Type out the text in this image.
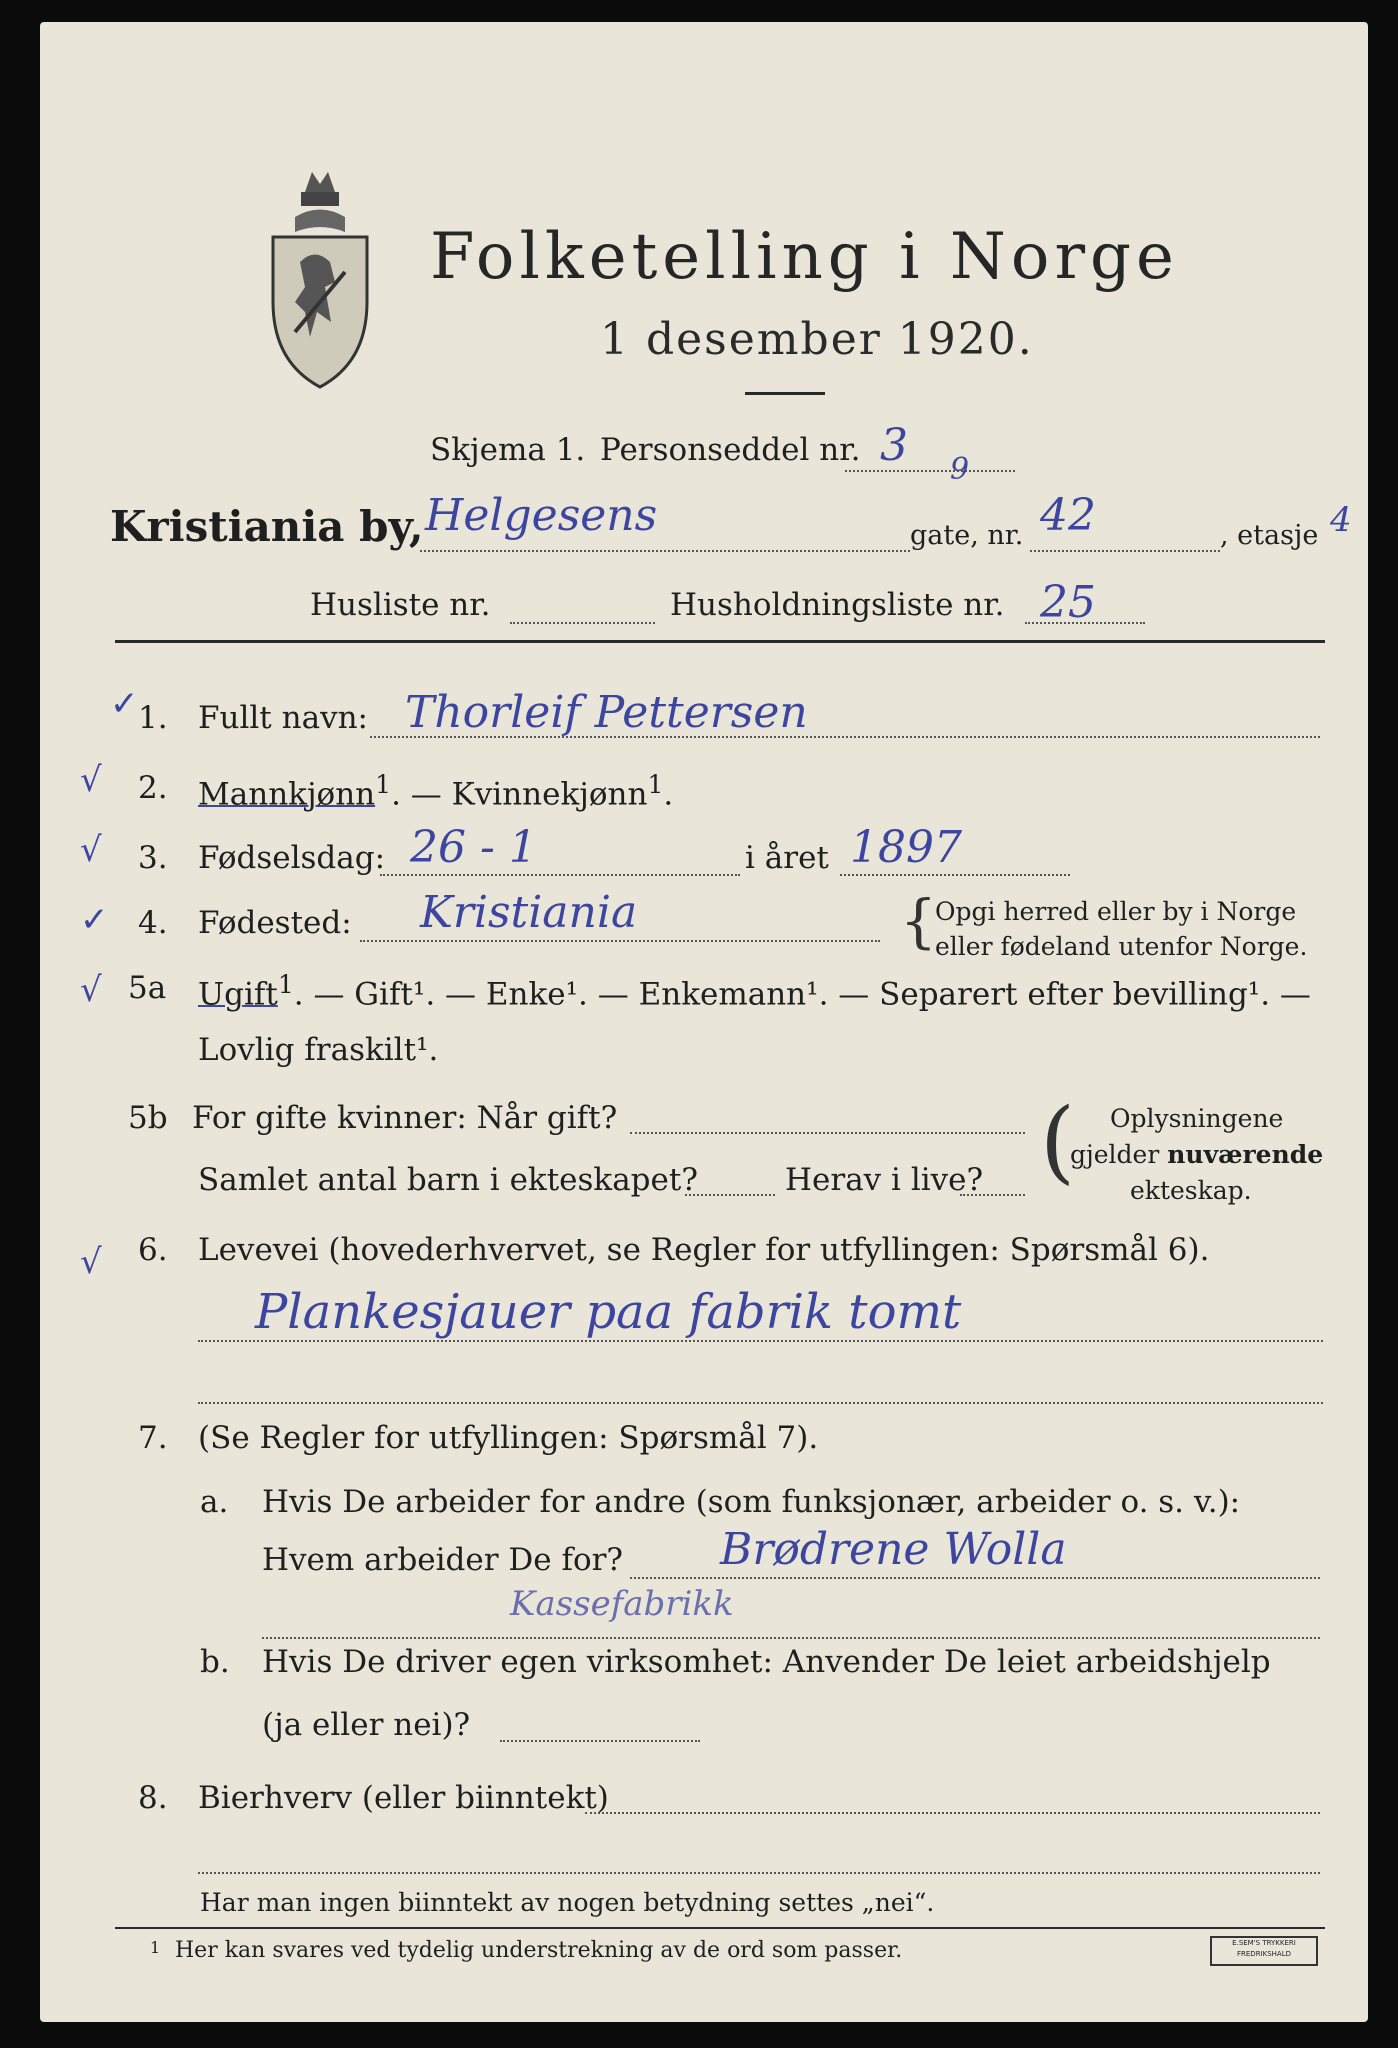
Folketelling i Norge
1 desember 1920.
Skjema 1. Personseddel nr. 3
Kristiania by, Helgesens
9
gate, nr. 42	, etasje 4
Husliste nr.	Husholdningsliste nr. 25
✓
√
√
✓
√
√
1. Fullt navn: Thorleif Pettersen
2. Mannkjønn$^1$. — Kvinnekjønn$^1$.
3. Fødselsdag: 26 - 1	i året 1897
4. Fødested: Kristiania	{
Opgi herred eller by i Norge
eller fødeland utenfor Norge.
5a Ugift$^1$. — Gift¹. — Enke¹. — Enkemann¹. — Separert efter bevilling¹. —
Lovlig fraskilt¹.
5b For gifte kvinner: Når gift?
Samlet antal barn i ekteskapet?	Herav i live? ( Oplysningene
gjelder nuværende
ekteskap.
6. Levevei (hovederhvervet, se Regler for utfyllingen: Spørsmål 6).
Plankesjauer paa fabrik tomt
7. (Se Regler for utfyllingen: Spørsmål 7).
a. Hvis De arbeider for andre (som funksjonær, arbeider o. s. v.):
Hvem arbeider De for? Brødrene Wolla
Kassefabrikk
b. Hvis De driver egen virksomhet: Anvender De leiet arbeidshjelp
(ja eller nei)?
8. Bierhverv (eller biinntekt)
Har man ingen biinntekt av nogen betydning settes „nei“.
1 Her kan svares ved tydelig understrekning av de ord som passer.	E.SEM'S TRYKKERI
FREDRIKSHALD
